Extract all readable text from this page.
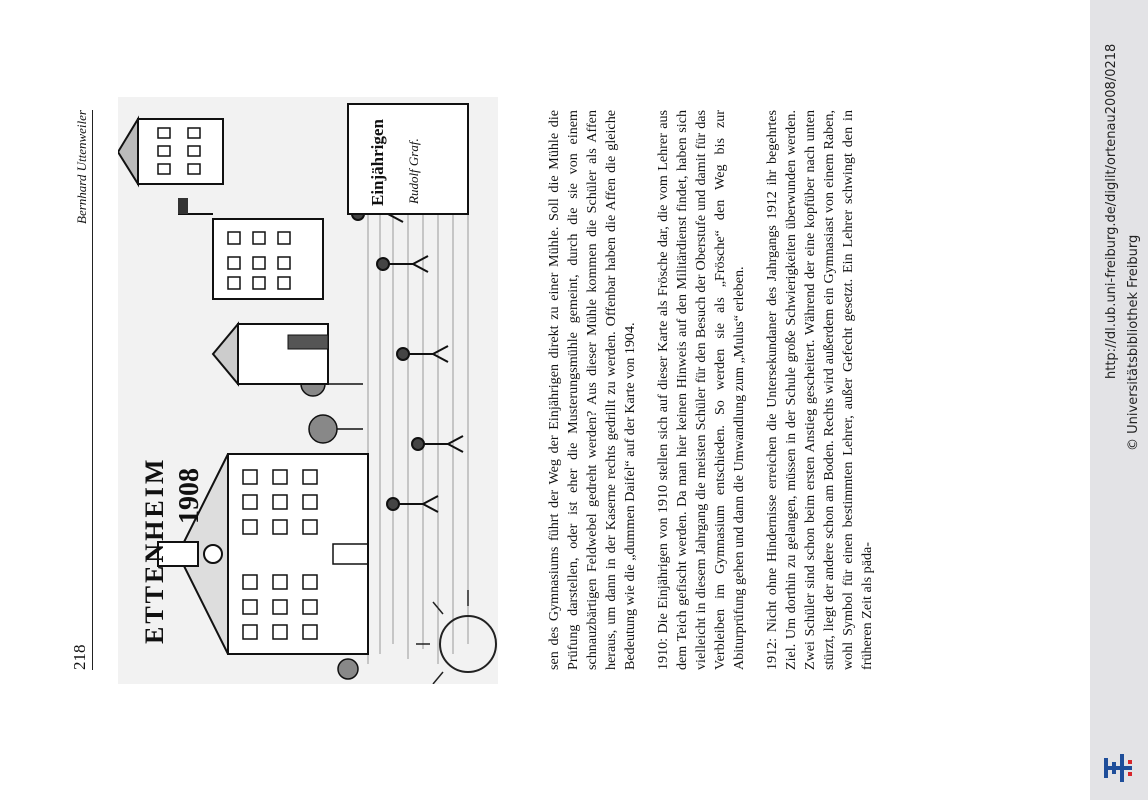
218
Bernhard Uttenweiler
ETTENHEIM 1908
Einjährigen Rudolf Graf.	sen des Gymnasiums führt der Weg der Einjährigen direkt zu einer Mühle. Soll die Mühle die Prüfung darstellen, oder ist eher die Musterungsmühle gemeint, durch die sie von einem schnauzbärtigen Feldwebel gedreht werden? Aus dieser Mühle kommen die Schüler als Affen heraus, um dann in der Kaserne rechts gedrillt zu werden. Offenbar haben die Affen die gleiche Bedeutung wie die „dummen Daifel“ auf der Karte von 1904. 1910: Die Einjährigen von 1910 stellen sich auf dieser Karte als Frösche dar, die vom Lehrer aus dem Teich gefischt werden. Da man hier keinen Hinweis auf den Militärdienst findet, haben sich vielleicht in diesem Jahrgang die meisten Schüler für den Besuch der Oberstufe und damit für das Verbleiben im Gymnasium entschieden. So werden sie als „Frösche“ den Weg bis zur Abiturprüfung gehen und dann die Umwandlung zum „Mulus“ erleben. 1912: Nicht ohne Hindernisse erreichen die Untersekundaner des Jahrgangs 1912 ihr begehrtes Ziel. Um dorthin zu gelangen, müssen in der Schule große Schwierigkeiten überwunden werden. Zwei Schüler sind schon beim ersten Anstieg gescheitert. Während der eine kopfüber nach unten stürzt, liegt der andere schon am Boden. Rechts wird außerdem ein Gymnasiast von einem Raben, wohl Symbol für einen bestimmten Lehrer, außer Gefecht gesetzt. Ein Lehrer schwingt den in früheren Zeit als päda-

http://dl.ub.uni-freiburg.de/diglit/ortenau2008/0218 © Universitätsbibliothek Freiburg
